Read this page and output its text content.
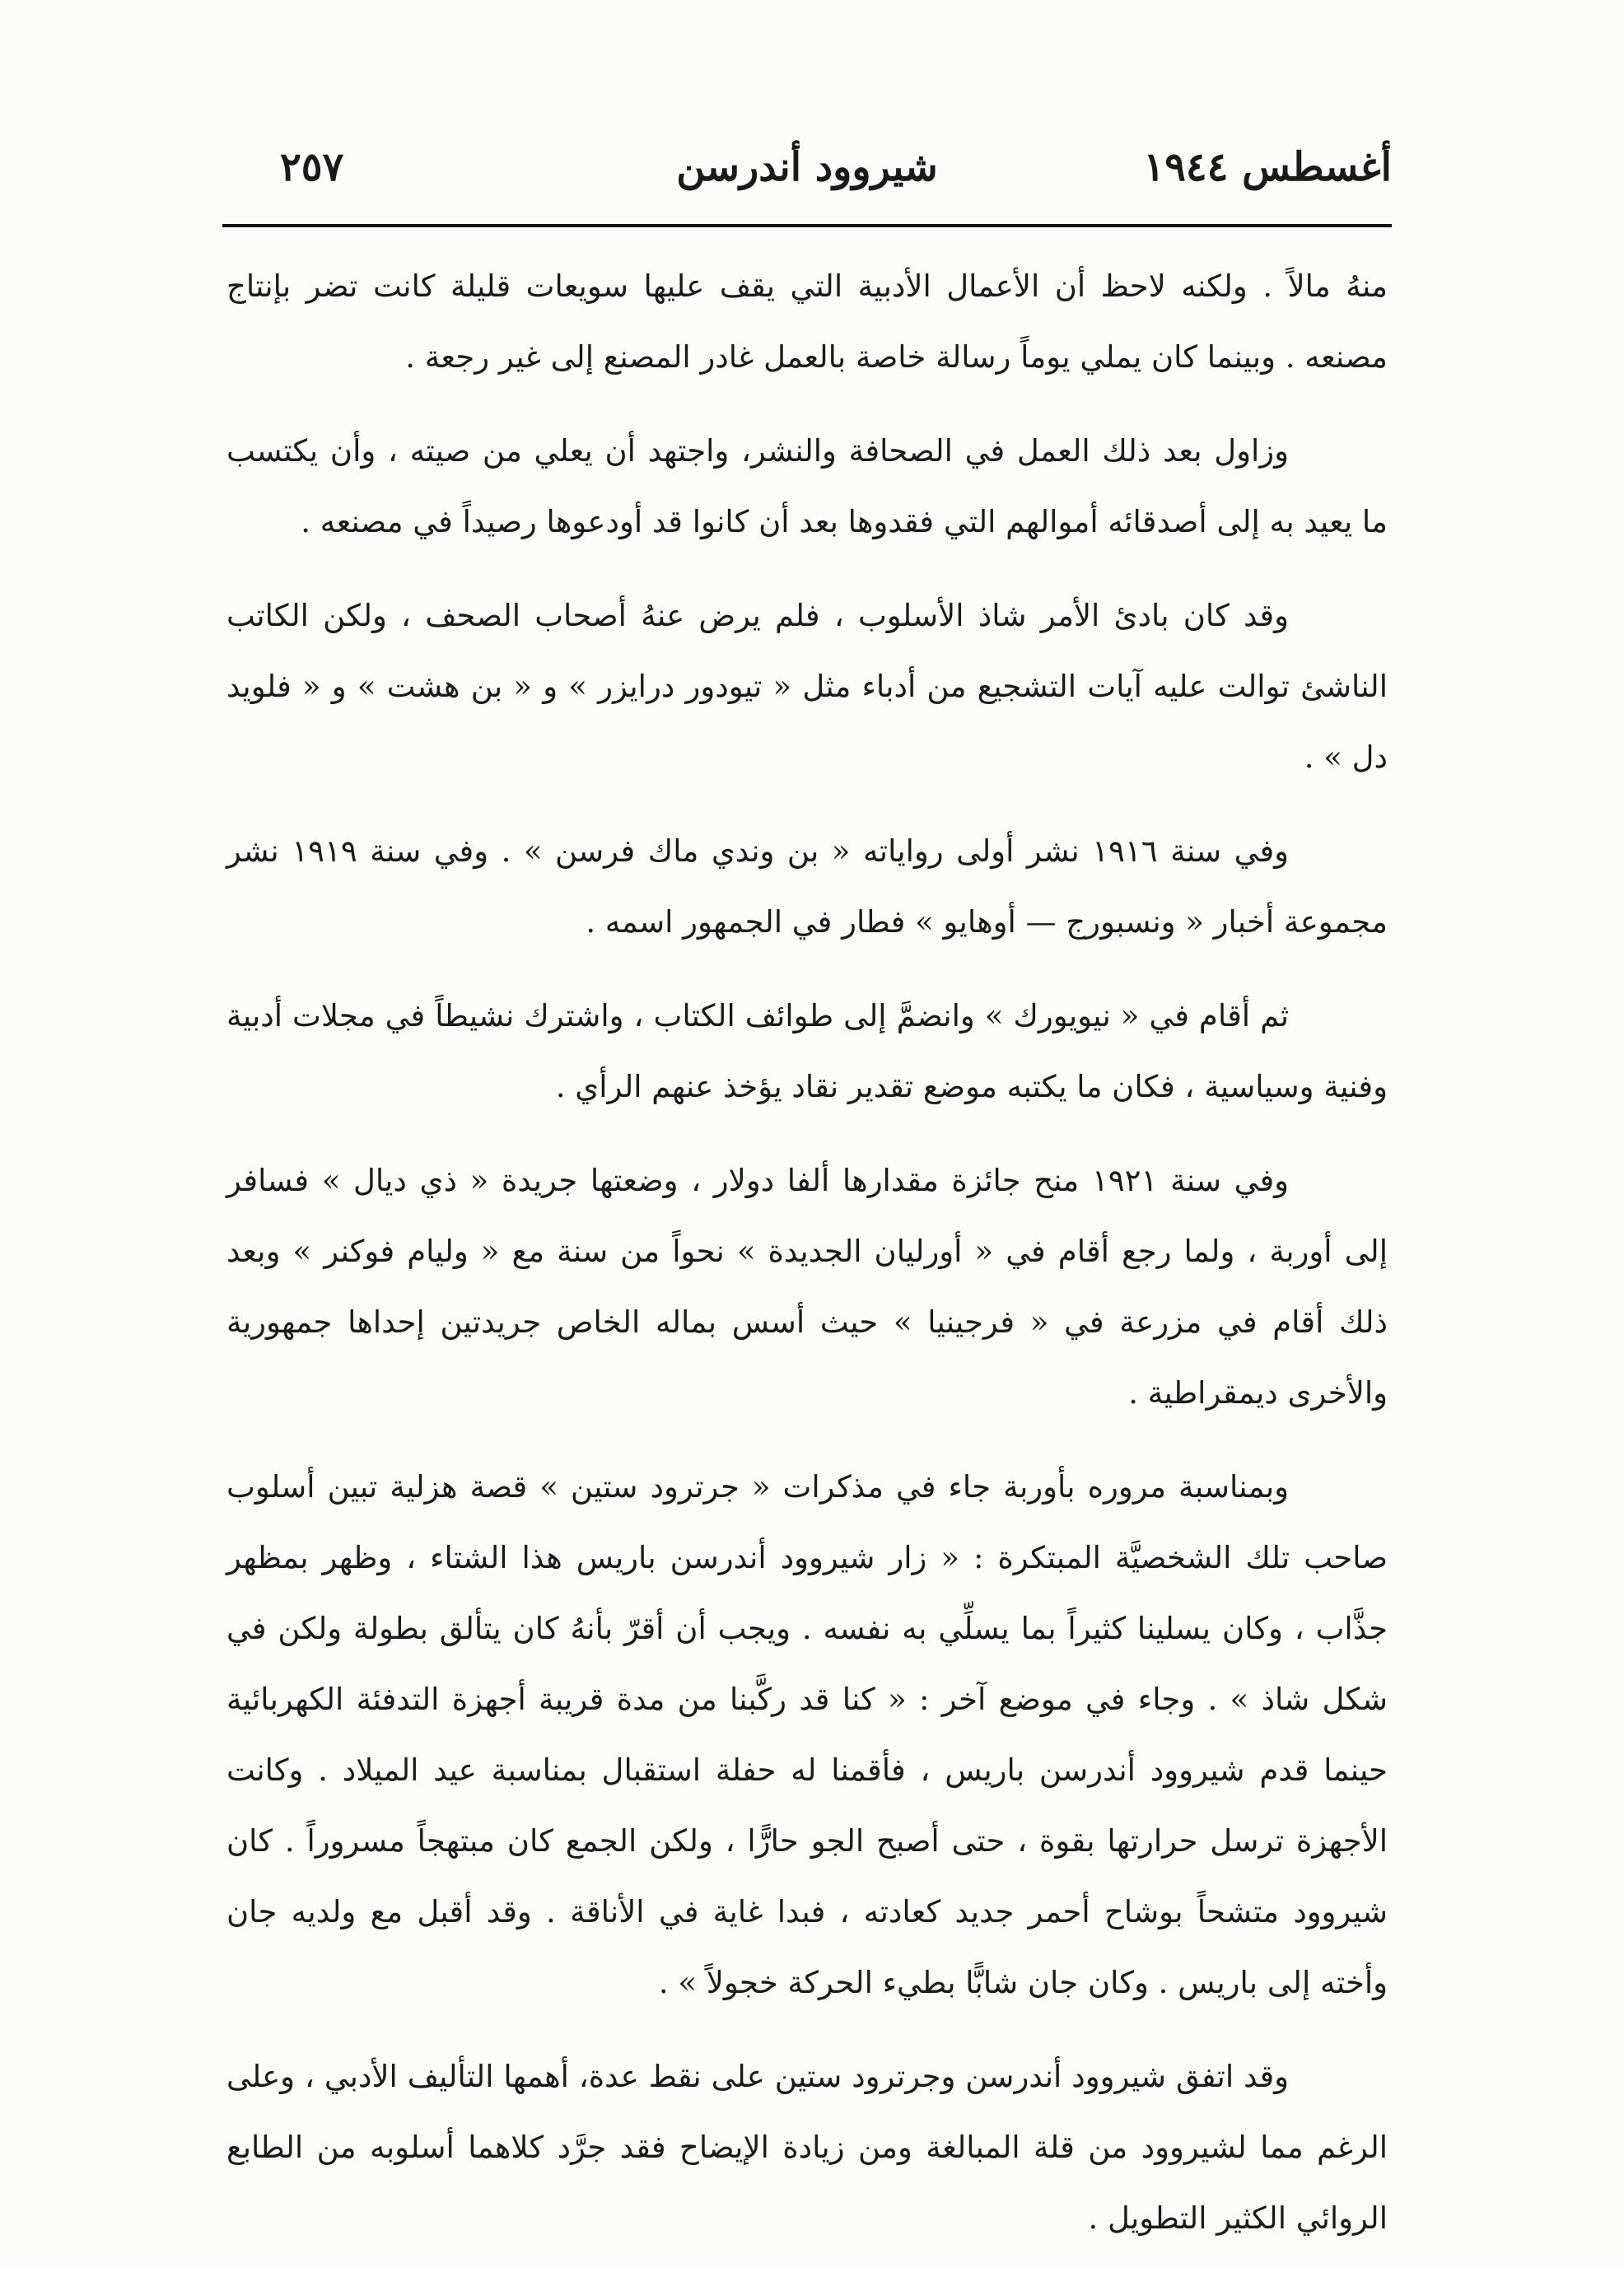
أغسطس ١٩٤٤
شيروود أندرسن
٢٥٧

منهُ مالاً . ولكنه لاحظ أن الأعمال الأدبية التي يقف عليها سويعات قليلة كانت تضر بإنتاج مصنعه . وبينما كان يملي يوماً رسالة خاصة بالعمل غادر المصنع إلى غير رجعة .

وزاول بعد ذلك العمل في الصحافة والنشر، واجتهد أن يعلي من صيته ، وأن يكتسب ما يعيد به إلى أصدقائه أموالهم التي فقدوها بعد أن كانوا قد أودعوها رصيداً في مصنعه .

وقد كان بادئ الأمر شاذ الأسلوب ، فلم يرض عنهُ أصحاب الصحف ، ولكن الكاتب الناشئ توالت عليه آيات التشجيع من أدباء مثل « تيودور درايزر » و « بن هشت » و « فلويد دل » .

وفي سنة ١٩١٦ نشر أولى رواياته « بن وندي ماك فرسن » . وفي سنة ١٩١٩ نشر مجموعة أخبار « ونسبورج — أوهايو » فطار في الجمهور اسمه .

ثم أقام في « نيويورك » وانضمَّ إلى طوائف الكتاب ، واشترك نشيطاً في مجلات أدبية وفنية وسياسية ، فكان ما يكتبه موضع تقدير نقاد يؤخذ عنهم الرأي .

وفي سنة ١٩٢١ منح جائزة مقدارها ألفا دولار ، وضعتها جريدة « ذي ديال » فسافر إلى أوربة ، ولما رجع أقام في « أورليان الجديدة » نحواً من سنة مع « وليام فوكنر » وبعد ذلك أقام في مزرعة في « فرجينيا » حيث أسس بماله الخاص جريدتين إحداها جمهورية والأخرى ديمقراطية .

وبمناسبة مروره بأوربة جاء في مذكرات « جرترود ستين » قصة هزلية تبين أسلوب صاحب تلك الشخصيَّة المبتكرة : « زار شيروود أندرسن باريس هذا الشتاء ، وظهر بمظهر جذَّاب ، وكان يسلينا كثيراً بما يسلِّي به نفسه . ويجب أن أقرّ بأنهُ كان يتألق بطولة ولكن في شكل شاذ » . وجاء في موضع آخر : « كنا قد ركَّبنا من مدة قريبة أجهزة التدفئة الكهربائية حينما قدم شيروود أندرسن باريس ، فأقمنا له حفلة استقبال بمناسبة عيد الميلاد . وكانت الأجهزة ترسل حرارتها بقوة ، حتى أصبح الجو حارًّا ، ولكن الجمع كان مبتهجاً مسروراً . كان شيروود متشحاً بوشاح أحمر جديد كعادته ، فبدا غاية في الأناقة . وقد أقبل مع ولديه جان وأخته إلى باريس . وكان جان شابًّا بطيء الحركة خجولاً » .

وقد اتفق شيروود أندرسن وجرترود ستين على نقط عدة، أهمها التأليف الأدبي ، وعلى الرغم مما لشيروود من قلة المبالغة ومن زيادة الإيضاح فقد جرَّد كلاهما أسلوبه من الطابع الروائي الكثير التطويل .
